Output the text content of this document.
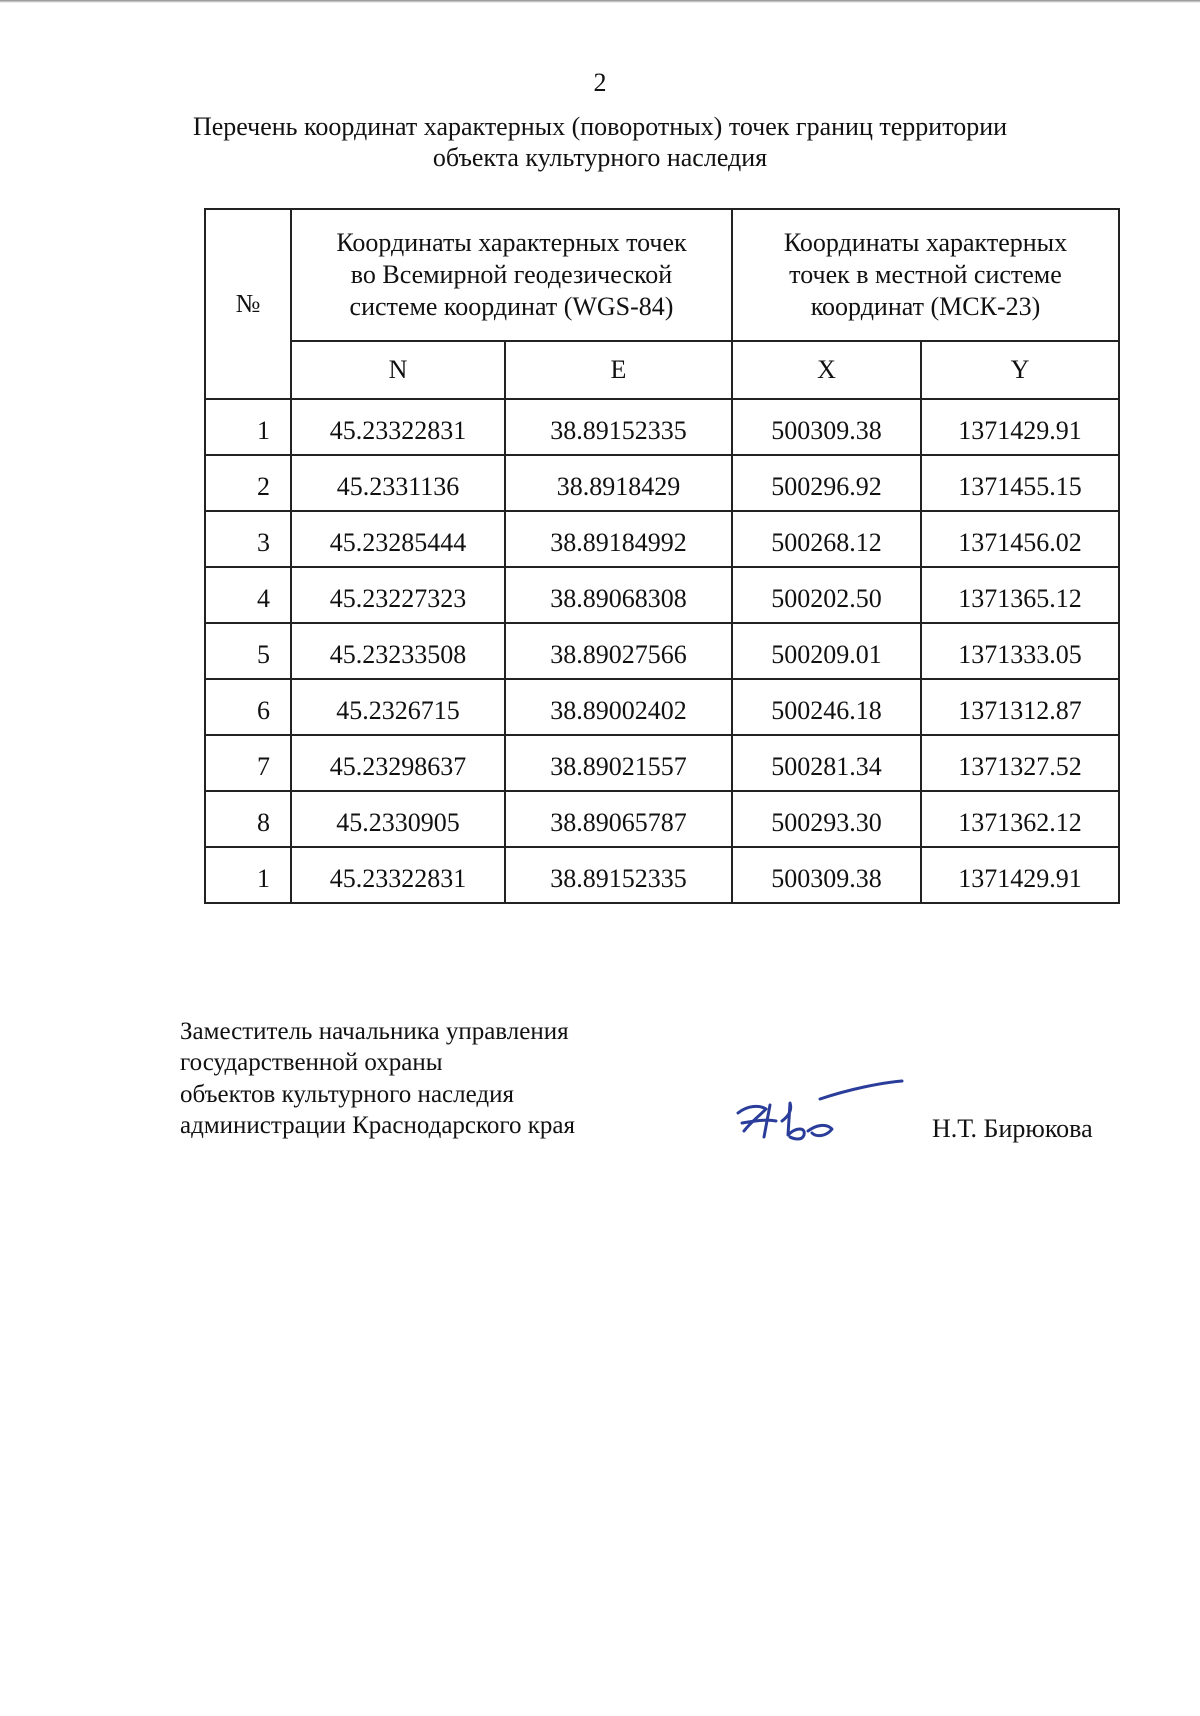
2
Перечень координат характерных (поворотных) точек границ территории
объекта культурного наследия
№	Координаты характерных точек
во Всемирной геодезической
системе координат (WGS-84)		Координаты характерных
точек в местной системе
координат (МСК-23)	
	N	E	X	Y
1	45.23322831	38.89152335	500309.38	1371429.91
2	45.2331136	38.8918429	500296.92	1371455.15
3	45.23285444	38.89184992	500268.12	1371456.02
4	45.23227323	38.89068308	500202.50	1371365.12
5	45.23233508	38.89027566	500209.01	1371333.05
6	45.2326715	38.89002402	500246.18	1371312.87
7	45.23298637	38.89021557	500281.34	1371327.52
8	45.2330905	38.89065787	500293.30	1371362.12
1	45.23322831	38.89152335	500309.38	1371429.91
Заместитель начальника управления
государственной охраны
объектов культурного наследия
администрации Краснодарского края	Н.Т. Бирюкова
